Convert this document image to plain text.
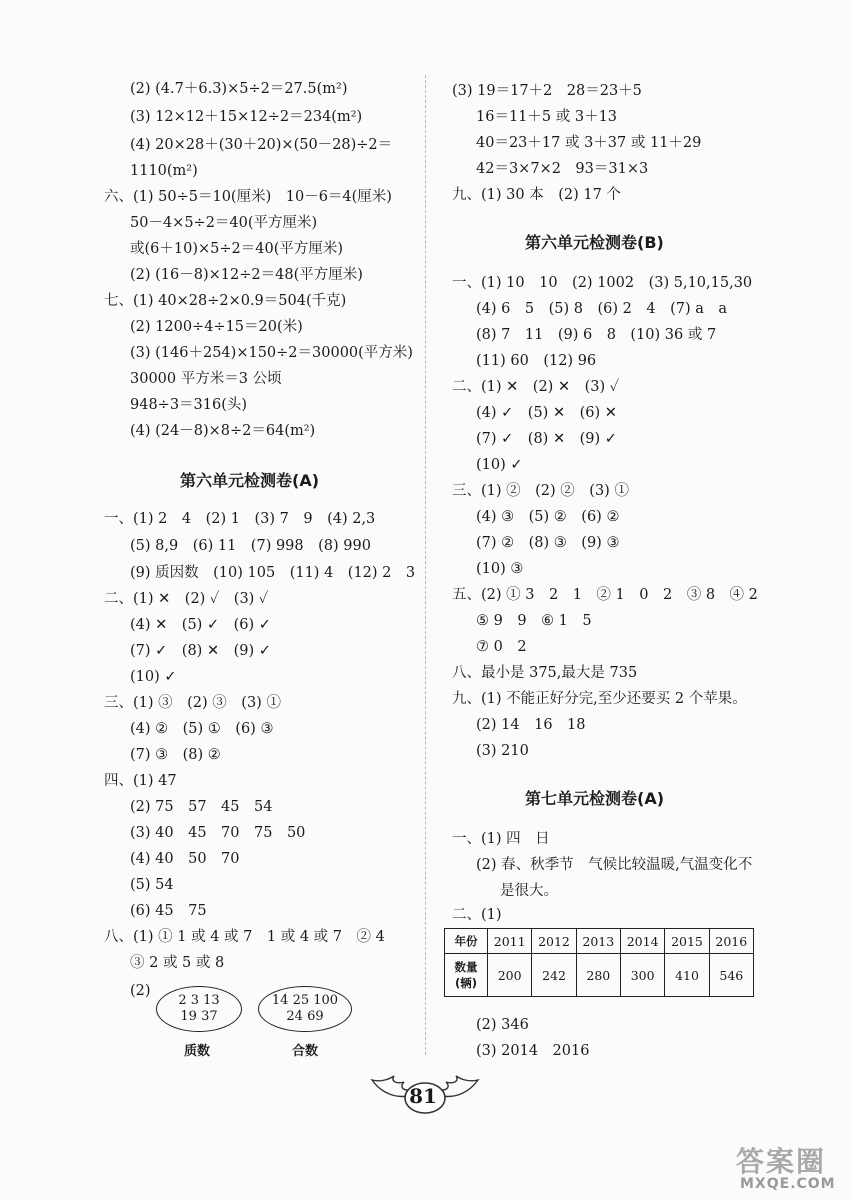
(2) (4.7＋6.3)×5÷2＝27.5(m²)
(3) 12×12＋15×12÷2＝234(m²)
(4) 20×28＋(30＋20)×(50－28)÷2＝
1110(m²)
六、(1) 50÷5＝10(厘米)　10－6＝4(厘米)
50－4×5÷2＝40(平方厘米)
或(6＋10)×5÷2＝40(平方厘米)
(2) (16－8)×12÷2＝48(平方厘米)
七、(1) 40×28÷2×0.9＝504(千克)
(2) 1200÷4÷15＝20(米)
(3) (146＋254)×150÷2＝30000(平方米)
30000 平方米＝3 公顷
948÷3＝316(头)
(4) (24－8)×8÷2＝64(m²)
第六单元检测卷(A)
一、(1) 2　4　(2) 1　(3) 7　9　(4) 2,3
(5) 8,9　(6) 11　(7) 998　(8) 990
(9) 质因数　(10) 105　(11) 4　(12) 2　3
二、(1) ✕　(2) ✓　(3) ✓
(4) ✕　(5) ✓　(6) ✓
(7) ✓　(8) ✕　(9) ✓
(10) ✓
三、(1) ③　(2) ③　(3) ①
(4) ②　(5) ①　(6) ③
(7) ③　(8) ②
四、(1) 47
(2) 75　57　45　54
(3) 40　45　70　75　50
(4) 40　50　70
(5) 54
(6) 45　75
八、(1) ① 1 或 4 或 7　1 或 4 或 7　② 4
③ 2 或 5 或 8
(2)
2 3 13
19 37
质数
14 25 100
24 69
合数
(3) 19＝17＋2　28＝23＋5
16＝11＋5 或 3＋13
40＝23＋17 或 3＋37 或 11＋29
42＝3×7×2　93＝31×3
九、(1) 30 本　(2) 17 个
第六单元检测卷(B)
一、(1) 10　10　(2) 1002　(3) 5,10,15,30
(4) 6　5　(5) 8　(6) 2　4　(7) a　a
(8) 7　11　(9) 6　8　(10) 36 或 7
(11) 60　(12) 96
二、(1) ✕　(2) ✕　(3) ✓
(4) ✓　(5) ✕　(6) ✕
(7) ✓　(8) ✕　(9) ✓
(10) ✓
三、(1) ②　(2) ②　(3) ①
(4) ③　(5) ②　(6) ②
(7) ②　(8) ③　(9) ③
(10) ③
五、(2) ① 3　2　1　② 1　0　2　③ 8　④ 2
⑤ 9　9　⑥ 1　5
⑦ 0　2
八、最小是 375,最大是 735
九、(1) 不能正好分完,至少还要买 2 个苹果。
(2) 14　16　18
(3) 210
第七单元检测卷(A)
一、(1) 四　日
(2) 春、秋季节　气候比较温暖,气温变化不
是很大。
二、(1)
年份	2011	2012	2013	2014	2015	2016

数量
(辆)	200	242	280	300	410	546
(2) 346
(3) 2014　2016
81
答案圈
MXQE.COM
